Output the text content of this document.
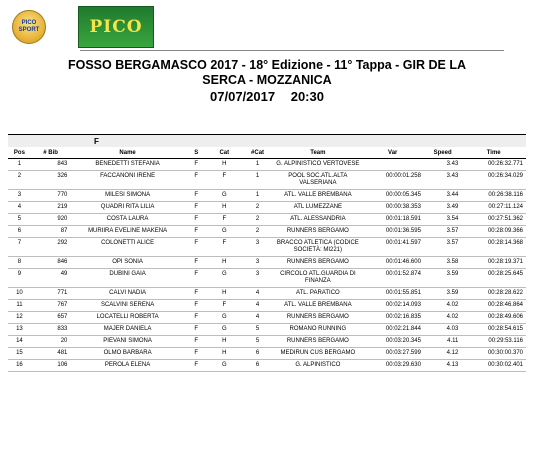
PICO SPORT	PICO
FOSSO BERGAMASCO 2017 - 18° Edizione - 11° Tappa - GIR DE LA
SERCA - MOZZANICA
07/07/2017 20:30
F									
Pos	# Bib	Name	S	Cat	#Cat	Team	Var	Speed	Time
1	843	BENEDETTI STEFANIA	F	H	1	G. ALPINISTICO VERTOVESE		3.43	00:26:32.771
2	326	FACCANONI IRENE	F	F	1	POOL SOC.ATL.ALTA VALSERIANA	00:00:01.258	3.43	00:26:34.029
3	770	MILESI SIMONA	F	G	1	ATL. VALLE BREMBANA	00:00:05.345	3.44	00:26:38.116
4	219	QUADRI RITA LILIA	F	H	2	ATL LUMEZZANE	00:00:38.353	3.49	00:27:11.124
5	920	COSTA LAURA	F	F	2	ATL. ALESSANDRIA	00:01:18.591	3.54	00:27:51.362
6	87	MURIIRA EVELINE MAKENA	F	G	2	RUNNERS BERGAMO	00:01:36.595	3.57	00:28:09.366
7	292	COLONETTI ALICE	F	F	3	BRACCO ATLETICA (CODICE SOCIETÀ: MI221)	00:01:41.597	3.57	00:28:14.368
8	846	OPI SONIA	F	H	3	RUNNERS BERGAMO	00:01:46.600	3.58	00:28:19.371
9	49	DUBINI GAIA	F	G	3	CIRCOLO ATL.GUARDIA DI FINANZA	00:01:52.874	3.59	00:28:25.645
10	771	CALVI NADIA	F	H	4	ATL. PARATICO	00:01:55.851	3.59	00:28:28.622
11	767	SCALVINI SERENA	F	F	4	ATL. VALLE BREMBANA	00:02:14.093	4.02	00:28:46.864
12	657	LOCATELLI ROBERTA	F	G	4	RUNNERS BERGAMO	00:02:16.835	4.02	00:28:49.606
13	833	MAJER DANIELA	F	G	5	ROMANO RUNNING	00:02:21.844	4.03	00:28:54.615
14	20	PIEVANI SIMONA	F	H	5	RUNNERS BERGAMO	00:03:20.345	4.11	00:29:53.116
15	481	OLMO BARBARA	F	H	6	MEDIRUN CUS BERGAMO	00:03:27.599	4.12	00:30:00.370
16	106	PEROLA ELENA	F	G	6	G. ALPINISTICO	00:03:29.630	4.13	00:30:02.401
